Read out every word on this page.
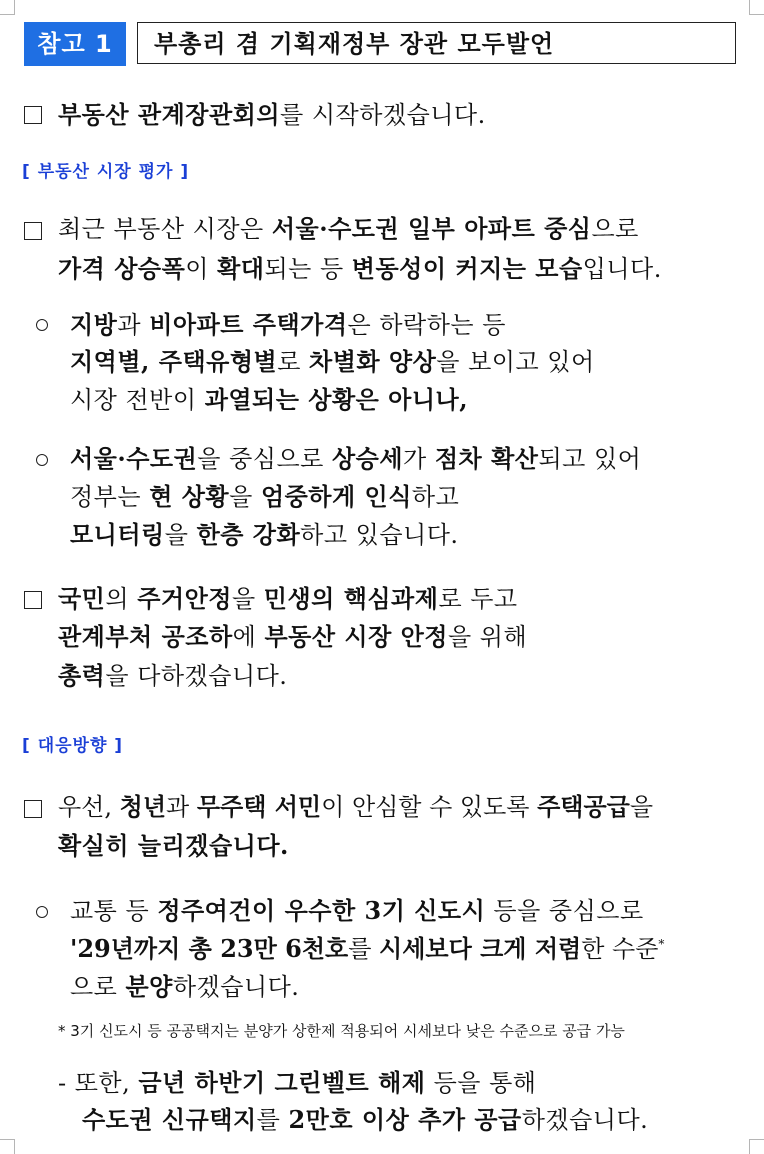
참고 1	부총리 겸 기획재정부 장관 모두발언
부동산 관계장관회의를 시작하겠습니다.
[ 부동산 시장 평가 ]
최근 부동산 시장은 서울·수도권 일부 아파트 중심으로
가격 상승폭이 확대되는 등 변동성이 커지는 모습입니다.
지방과 비아파트 주택가격은 하락하는 등
지역별, 주택유형별로 차별화 양상을 보이고 있어
시장 전반이 과열되는 상황은 아니나,
서울·수도권을 중심으로 상승세가 점차 확산되고 있어
정부는 현 상황을 엄중하게 인식하고
모니터링을 한층 강화하고 있습니다.
국민의 주거안정을 민생의 핵심과제로 두고
관계부처 공조하에 부동산 시장 안정을 위해
총력을 다하겠습니다.
[ 대응방향 ]
우선, 청년과 무주택 서민이 안심할 수 있도록 주택공급을
확실히 늘리겠습니다.
교통 등 정주여건이 우수한 3기 신도시 등을 중심으로
'29년까지 총 23만 6천호를 시세보다 크게 저렴한 수준*
으로 분양하겠습니다.
* 3기 신도시 등 공공택지는 분양가 상한제 적용되어 시세보다 낮은 수준으로 공급 가능
- 또한, 금년 하반기 그린벨트 해제 등을 통해
수도권 신규택지를 2만호 이상 추가 공급하겠습니다.
